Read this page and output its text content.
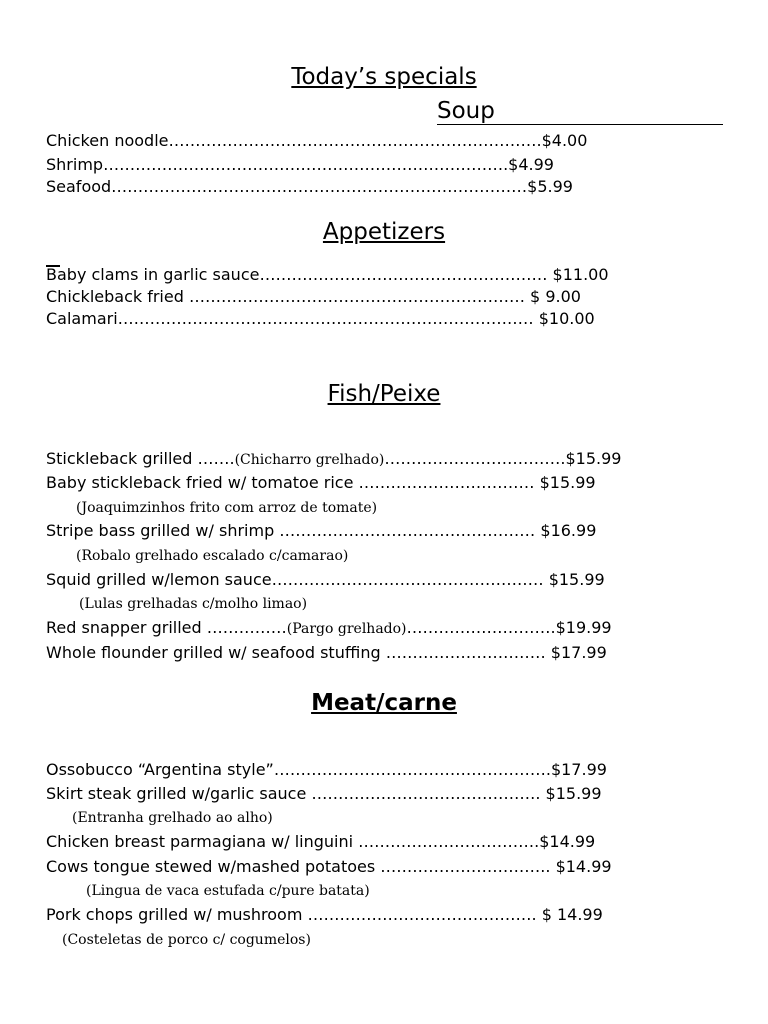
Today’s specials
Soup
Chicken noodle…………………………………………………………….$4.00
Shrimp………………………………………………………………….$4.99
Seafood……………………………………………………………………$5.99
Appetizers
Baby clams in garlic sauce……………………………………………… $11.00
Chickleback fried ……………………………………………………… $ 9.00
Calamari…………………………………………………………………… $10.00
Fish/Peixe
Stickleback grilled …….(Chicharro grelhado)…………………………….$15.99
Baby stickleback fried w/ tomatoe rice …………………………… $15.99
(Joaquimzinhos frito com arroz de tomate)
Stripe bass grilled w/ shrimp ………………………………………… $16.99
(Robalo grelhado escalado c/camarao)
Squid grilled w/lemon sauce…………………………………………… $15.99
(Lulas grelhadas c/molho limao)
Red snapper grilled ……………(Pargo grelhado)……………………….$19.99
Whole flounder grilled w/ seafood stuffing ………………………… $17.99
Meat/carne
Ossobucco “Argentina style”…………………………………………….$17.99
Skirt steak grilled w/garlic sauce ……………………………………. $15.99
(Entranha grelhado ao alho)
Chicken breast parmagiana w/ linguini …………………………….$14.99
Cows tongue stewed w/mashed potatoes ………………………….. $14.99
(Lingua de vaca estufada c/pure batata)
Pork chops grilled w/ mushroom ……………………………………. $ 14.99
(Costeletas de porco c/ cogumelos)
